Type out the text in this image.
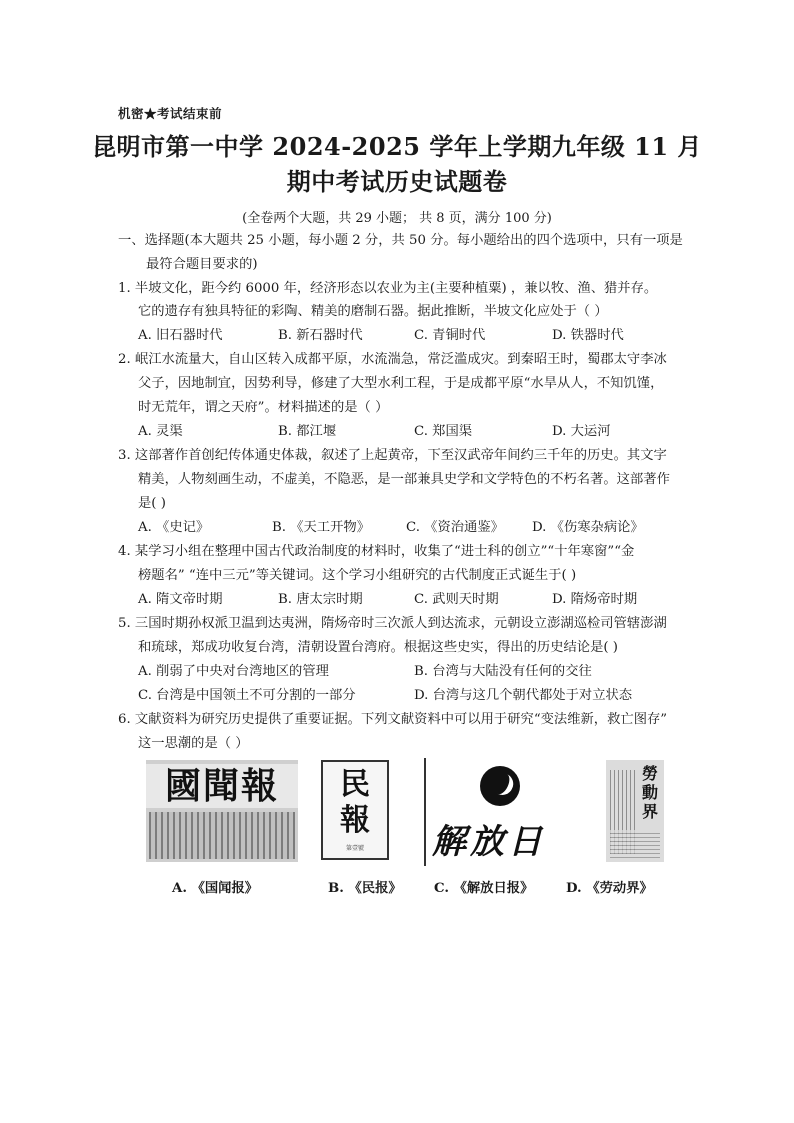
机密★考试结束前
昆明市第一中学 2024-2025 学年上学期九年级 11 月
期中考试历史试题卷
(全卷两个大题，共 29 小题； 共 8 页，满分 100 分)
一、选择题(本大题共 25 小题，每小题 2 分，共 50 分。每小题给出的四个选项中，只有一项是
最符合题目要求的)
1. 半坡文化，距今约 6000 年，经济形态以农业为主(主要种植粟) ，兼以牧、渔、猎并存。
它的遗存有独具特征的彩陶、精美的磨制石器。据此推断，半坡文化应处于（ ）
A. 旧石器时代	B. 新石器时代	C. 青铜时代	D. 铁器时代
2. 岷江水流量大，自山区转入成都平原，水流湍急，常泛滥成灾。到秦昭王时，蜀郡太守李冰
父子，因地制宜，因势利导，修建了大型水利工程，于是成都平原“水旱从人，不知饥馑，
时无荒年，谓之天府”。材料描述的是（ ）
A. 灵渠	B. 都江堰	C. 郑国渠	D. 大运河
3. 这部著作首创纪传体通史体裁，叙述了上起黄帝，下至汉武帝年间约三千年的历史。其文字
精美，人物刻画生动，不虚美，不隐恶，是一部兼具史学和文学特色的不朽名著。这部著作
是( )
A. 《史记》	B. 《天工开物》	C. 《资治通鉴》 D. 《伤寒杂病论》
4. 某学习小组在整理中国古代政治制度的材料时，收集了“进士科的创立”“十年寒窗”“金
榜题名” “连中三元”等关键词。这个学习小组研究的古代制度正式诞生于( )
A. 隋文帝时期	B. 唐太宗时期	C. 武则天时期	D. 隋炀帝时期
5. 三国时期孙权派卫温到达夷洲，隋炀帝时三次派人到达流求，元朝设立澎湖巡检司管辖澎湖
和琉球，郑成功收复台湾，清朝设置台湾府。根据这些史实，得出的历史结论是( )
A. 削弱了中央对台湾地区的管理	B. 台湾与大陆没有任何的交往
C. 台湾是中国领土不可分割的一部分	D. 台湾与这几个朝代都处于对立状态
6. 文献资料为研究历史提供了重要证据。下列文献资料中可以用于研究“变法维新，救亡图存”
这一思潮的是（ ）
國聞報	民
報
第壹號	解放日
勞
動
界
A. 《国闻报》	B. 《民报》 C. 《解放日报》 D. 《劳动界》
